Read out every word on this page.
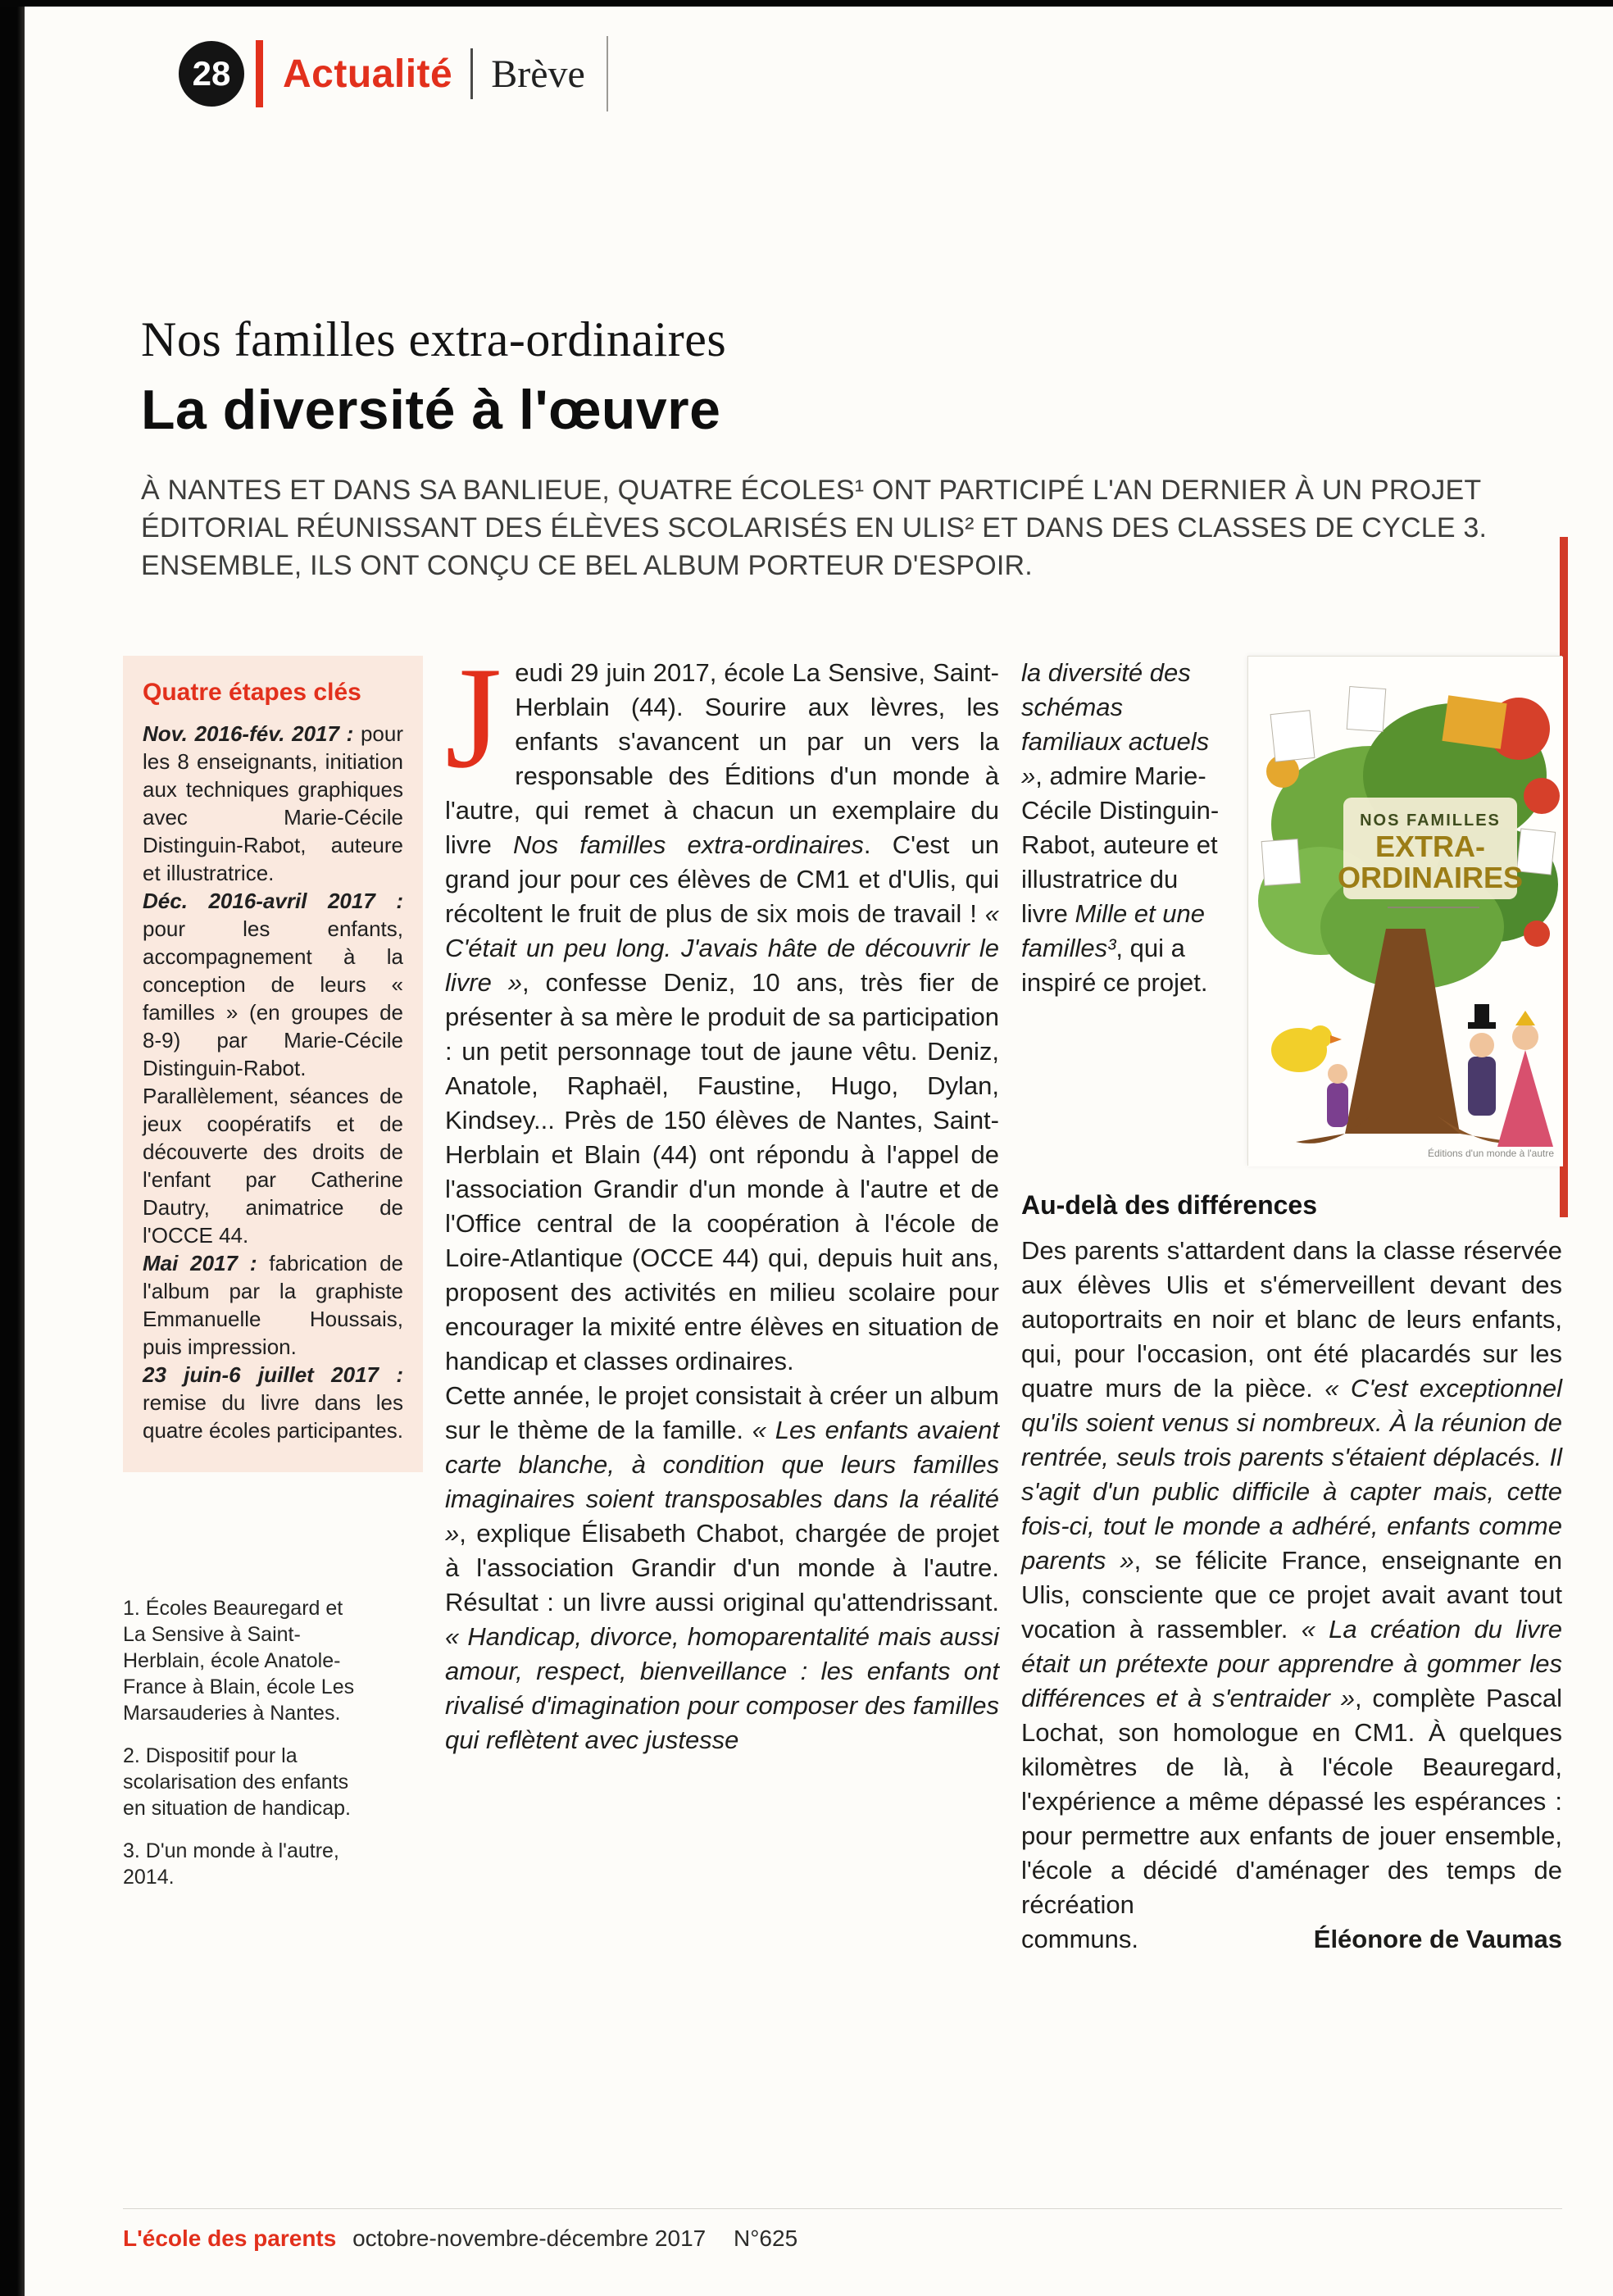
28 Actualité Brève
Nos familles extra-ordinaires
La diversité à l'œuvre

À NANTES ET DANS SA BANLIEUE, QUATRE ÉCOLES¹ ONT PARTICIPÉ L'AN DERNIER À UN PROJET ÉDITORIAL RÉUNISSANT DES ÉLÈVES SCOLARISÉS EN ULIS² ET DANS DES CLASSES DE CYCLE 3. ENSEMBLE, ILS ONT CONÇU CE BEL ALBUM PORTEUR D'ESPOIR.

Quatre étapes clés

Nov. 2016-fév. 2017 : pour les 8 enseignants, initiation aux techniques graphiques avec Marie-Cécile Distinguin-Rabot, auteure et illustratrice.

Déc. 2016-avril 2017 : pour les enfants, accompagnement à la conception de leurs « familles » (en groupes de 8-9) par Marie-Cécile Distinguin-Rabot. Parallèlement, séances de jeux coopératifs et de découverte des droits de l'enfant par Catherine Dautry, animatrice de l'OCCE 44.

Mai 2017 : fabrication de l'album par la graphiste Emmanuelle Houssais, puis impression.

23 juin-6 juillet 2017 : remise du livre dans les quatre écoles participantes.

1. Écoles Beauregard et La Sensive à Saint-Herblain, école Anatole-France à Blain, école Les Marsauderies à Nantes.

2. Dispositif pour la scolarisation des enfants en situation de handicap.

3. D'un monde à l'autre, 2014.

Jeudi 29 juin 2017, école La Sensive, Saint-Herblain (44). Sourire aux lèvres, les enfants s'avancent un par un vers la responsable des Éditions d'un monde à l'autre, qui remet à chacun un exemplaire du livre Nos familles extra-ordinaires. C'est un grand jour pour ces élèves de CM1 et d'Ulis, qui récoltent le fruit de plus de six mois de travail ! « C'était un peu long. J'avais hâte de découvrir le livre », confesse Deniz, 10 ans, très fier de présenter à sa mère le produit de sa participation : un petit personnage tout de jaune vêtu. Deniz, Anatole, Raphaël, Faustine, Hugo, Dylan, Kindsey... Près de 150 élèves de Nantes, Saint-Herblain et Blain (44) ont répondu à l'appel de l'association Grandir d'un monde à l'autre et de l'Office central de la coopération à l'école de Loire-Atlantique (OCCE 44) qui, depuis huit ans, proposent des activités en milieu scolaire pour encourager la mixité entre élèves en situation de handicap et classes ordinaires.

Cette année, le projet consistait à créer un album sur le thème de la famille. « Les enfants avaient carte blanche, à condition que leurs familles imaginaires soient transposables dans la réalité », explique Élisabeth Chabot, chargée de projet à l'association Grandir d'un monde à l'autre. Résultat : un livre aussi original qu'attendrissant. « Handicap, divorce, homoparentalité mais aussi amour, respect, bienveillance : les enfants ont rivalisé d'imagination pour composer des familles qui reflètent avec justesse

la diversité des schémas familiaux actuels », admire Marie-Cécile Distinguin-Rabot, auteure et illustratrice du livre Mille et une familles³, qui a inspiré ce projet.

NOS FAMILLES
EXTRA-
ORDINAIRES
Éditions d'un monde à l'autre
Au-delà des différences

Des parents s'attardent dans la classe réservée aux élèves Ulis et s'émerveillent devant des autoportraits en noir et blanc de leurs enfants, qui, pour l'occasion, ont été placardés sur les quatre murs de la pièce. « C'est exceptionnel qu'ils soient venus si nombreux. À la réunion de rentrée, seuls trois parents s'étaient déplacés. Il s'agit d'un public difficile à capter mais, cette fois-ci, tout le monde a adhéré, enfants comme parents », se félicite France, enseignante en Ulis, consciente que ce projet avait avant tout vocation à rassembler. « La création du livre était un prétexte pour apprendre à gommer les différences et à s'entraider », complète Pascal Lochat, son homologue en CM1. À quelques kilomètres de là, à l'école Beauregard, l'expérience a même dépassé les espérances : pour permettre aux enfants de jouer ensemble, l'école a décidé d'aménager des temps de récréation

communs.	Éléonore de Vaumas
L'école des parents octobre-novembre-décembre 2017 N°625
